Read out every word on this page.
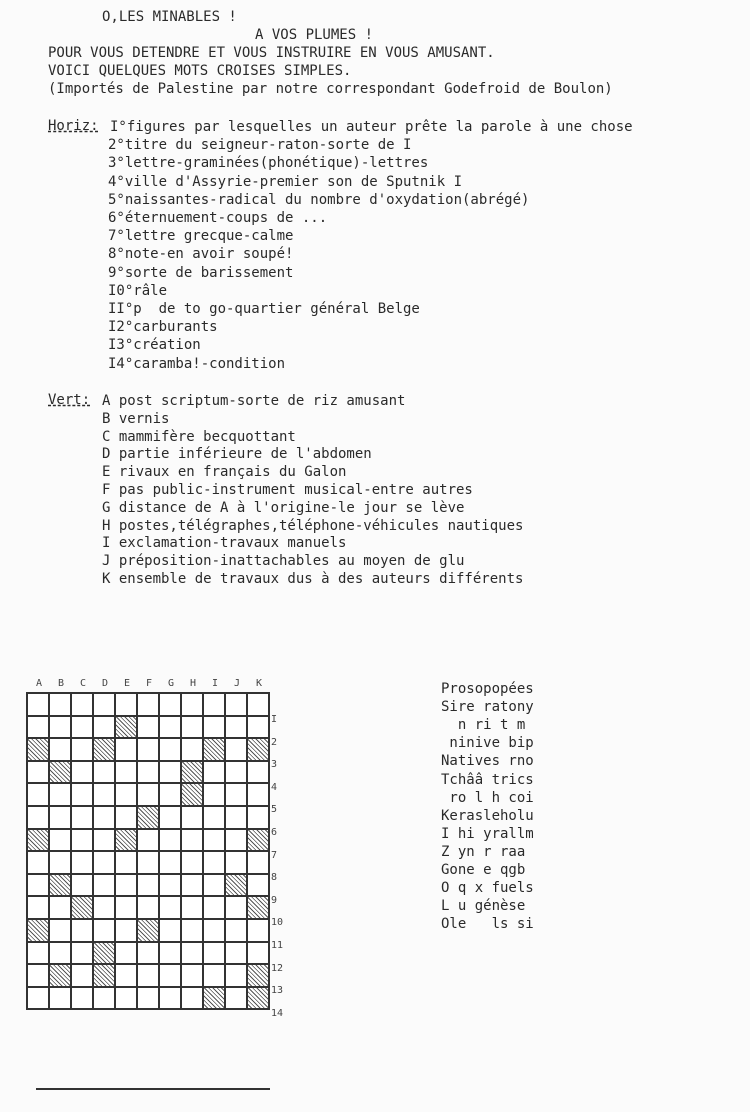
O,LES MINABLES !
A VOS PLUMES !
POUR VOUS DETENDRE ET VOUS INSTRUIRE EN VOUS AMUSANT.
VOICI QUELQUES MOTS CROISES SIMPLES.
(Importés de Palestine par notre correspondant Godefroid de Boulon)
Horiz: I°figures par lesquelles un auteur prête la parole à une chose
2°titre du seigneur-raton-sorte de I
3°lettre-graminées(phonétique)-lettres
4°ville d'Assyrie-premier son de Sputnik I
5°naissantes-radical du nombre d'oxydation(abrégé)
6°éternuement-coups de ...
7°lettre grecque-calme
8°note-en avoir soupé!
9°sorte de barissement
I0°râle
II°p  de to go-quartier général Belge
I2°carburants
I3°création
I4°caramba!-condition
Vert: A post scriptum-sorte de riz amusant
B vernis
C mammifère becquottant
D partie inférieure de l'abdomen
E rivaux en français du Galon
F pas public-instrument musical-entre autres
G distance de A à l'origine-le jour se lève
H postes,télégraphes,téléphone-véhicules nautiques
I exclamation-travaux manuels
J préposition-inattachables au moyen de glu
K ensemble de travaux dus à des auteurs différents
A	B	C	D	E	F	G	H	I	J	K
I
2
3
4
5
6
7
8
9
10
11
12
13
14
Prosopopées
Sire ratony
n ri t m
ninive bip
Natives rno
Tchââ trics
ro l h coi
Kerasleholu
I hi yrallm
Z yn r raa
Gone e qgb
O q x fuels
L u génèse
Ole   ls si
